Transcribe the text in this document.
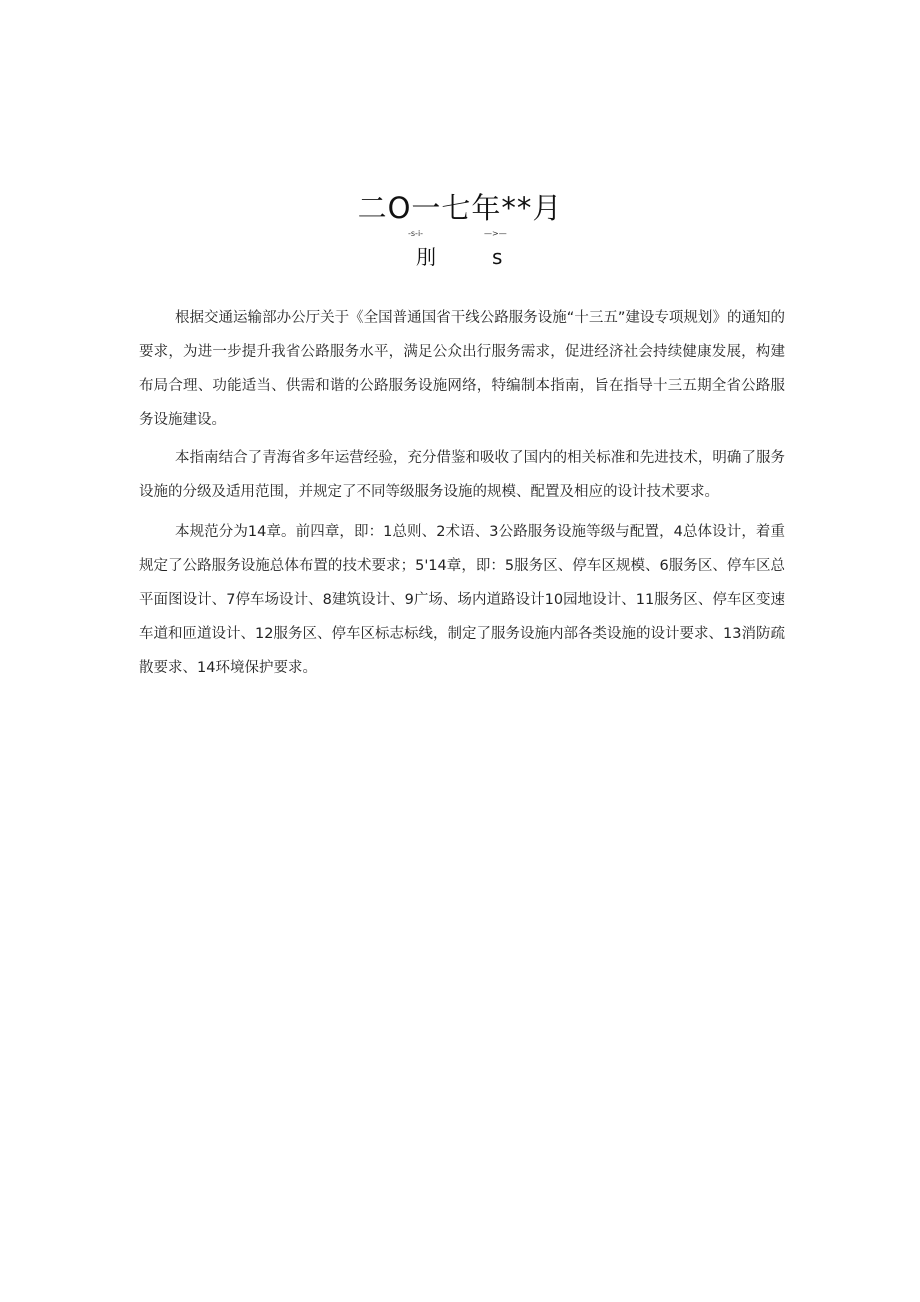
二O一七年**月
-s-i-	—>—
刖	s

根据交通运输部办公厅关于《全国普通国省干线公路服务设施“十三五”建设专项规划》的通知的要求，为进一步提升我省公路服务水平，满足公众出行服务需求，促进经济社会持续健康发展，构建布局合理、功能适当、供需和谐的公路服务设施网络，特编制本指南，旨在指导十三五期全省公路服务设施建设。

本指南结合了青海省多年运营经验，充分借鉴和吸收了国内的相关标准和先进技术，明确了服务设施的分级及适用范围，并规定了不同等级服务设施的规模、配置及相应的设计技术要求。

本规范分为14章。前四章，即：1总则、2术语、3公路服务设施等级与配置，4总体设计，着重规定了公路服务设施总体布置的技术要求；5'14章，即：5服务区、停车区规模、6服务区、停车区总平面图设计、7停车场设计、8建筑设计、9广场、场内道路设计10园地设计、11服务区、停车区变速车道和匝道设计、12服务区、停车区标志标线，制定了服务设施内部各类设施的设计要求、13消防疏散要求、14环境保护要求。
